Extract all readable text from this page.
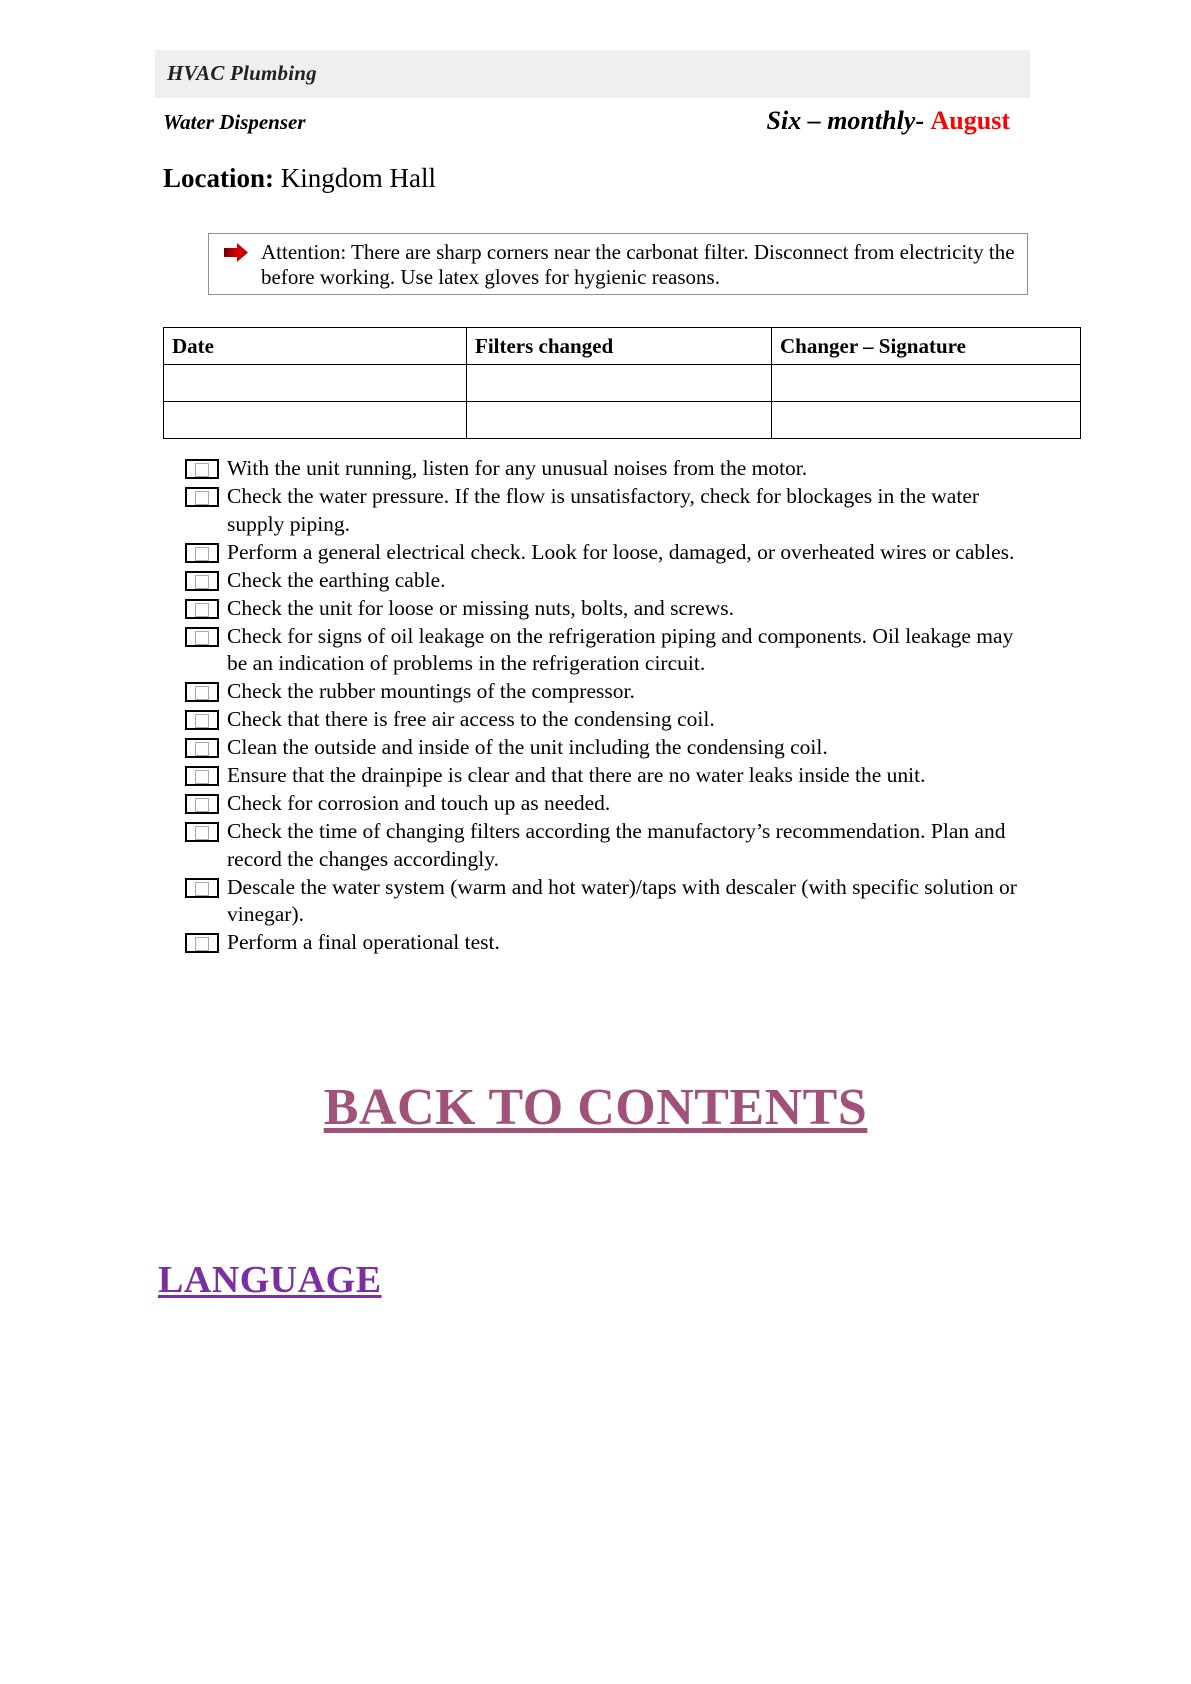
HVAC Plumbing
Water Dispenser	Six – monthly- August
Location: Kingdom Hall
Attention: There are sharp corners near the carbonat filter. Disconnect from electricity the before working. Use latex gloves for hygienic reasons.
Date	Filters changed	Changer – Signature

With the unit running, listen for any unusual noises from the motor.
Check the water pressure. If the flow is unsatisfactory, check for blockages in the water supply piping.
Perform a general electrical check. Look for loose, damaged, or overheated wires or cables.
Check the earthing cable.
Check the unit for loose or missing nuts, bolts, and screws.
Check for signs of oil leakage on the refrigeration piping and components. Oil leakage may be an indication of problems in the refrigeration circuit.
Check the rubber mountings of the compressor.
Check that there is free air access to the condensing coil.
Clean the outside and inside of the unit including the condensing coil.
Ensure that the drainpipe is clear and that there are no water leaks inside the unit.
Check for corrosion and touch up as needed.
Check the time of changing filters according the manufactory’s recommendation. Plan and record the changes accordingly.
Descale the water system (warm and hot water)/taps with descaler (with specific solution or vinegar).
Perform a final operational test.
BACK TO CONTENTS
LANGUAGE
